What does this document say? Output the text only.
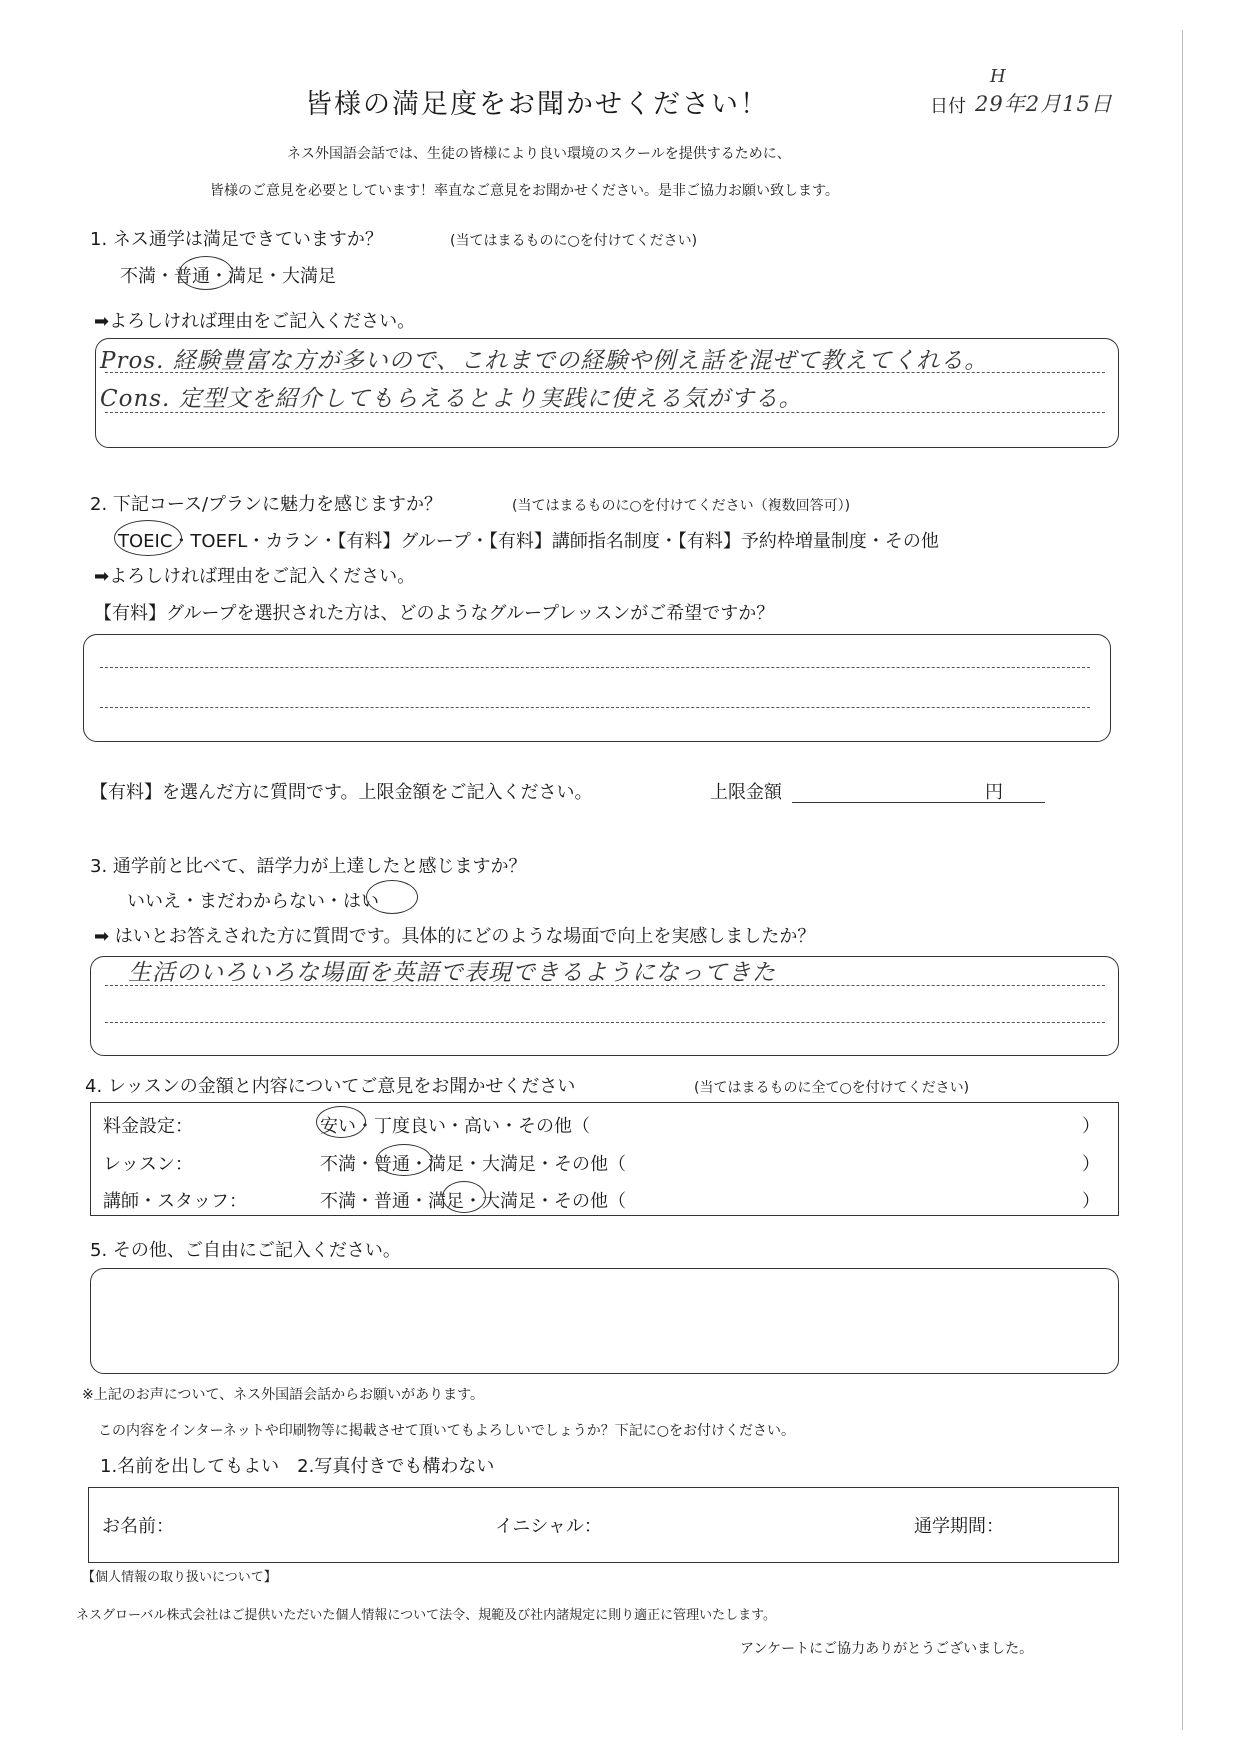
皆様の満足度をお聞かせください！	日付
H
29年2月15日
ネス外国語会話では、生徒の皆様により良い環境のスクールを提供するために、
皆様のご意見を必要としています！率直なご意見をお聞かせください。是非ご協力お願い致します。
1. ネス通学は満足できていますか？	(当てはまるものに○を付けてください)
不満・普通・満足・大満足
➡よろしければ理由をご記入ください。
Pros. 経験豊富な方が多いので、これまでの経験や例え話を混ぜて教えてくれる。
Cons. 定型文を紹介してもらえるとより実践に使える気がする。
2. 下記コース/プランに魅力を感じますか？	(当てはまるものに○を付けてください（複数回答可）)
TOEIC・TOEFL・カラン・【有料】グループ・【有料】講師指名制度・【有料】予約枠増量制度・その他
➡よろしければ理由をご記入ください。
【有料】グループを選択された方は、どのようなグループレッスンがご希望ですか？
【有料】を選んだ方に質問です。上限金額をご記入ください。	上限金額	円
3. 通学前と比べて、語学力が上達したと感じますか？
いいえ・まだわからない・はい
➡ はいとお答えされた方に質問です。具体的にどのような場面で向上を実感しましたか？
生活のいろいろな場面を英語で表現できるようになってきた
4. レッスンの金額と内容についてご意見をお聞かせください	(当てはまるものに全て○を付けてください)
料金設定：	安い・丁度良い・高い・その他（	）
レッスン：	不満・普通・満足・大満足・その他（	）
講師・スタッフ：	不満・普通・満足・大満足・その他（	）
5. その他、ご自由にご記入ください。
※上記のお声について、ネス外国語会話からお願いがあります。
この内容をインターネットや印刷物等に掲載させて頂いてもよろしいでしょうか？下記に○をお付けください。
1.名前を出してもよい　2.写真付きでも構わない
お名前：	イニシャル：	通学期間：
【個人情報の取り扱いについて】
ネスグローバル株式会社はご提供いただいた個人情報について法令、規範及び社内諸規定に則り適正に管理いたします。
アンケートにご協力ありがとうございました。
